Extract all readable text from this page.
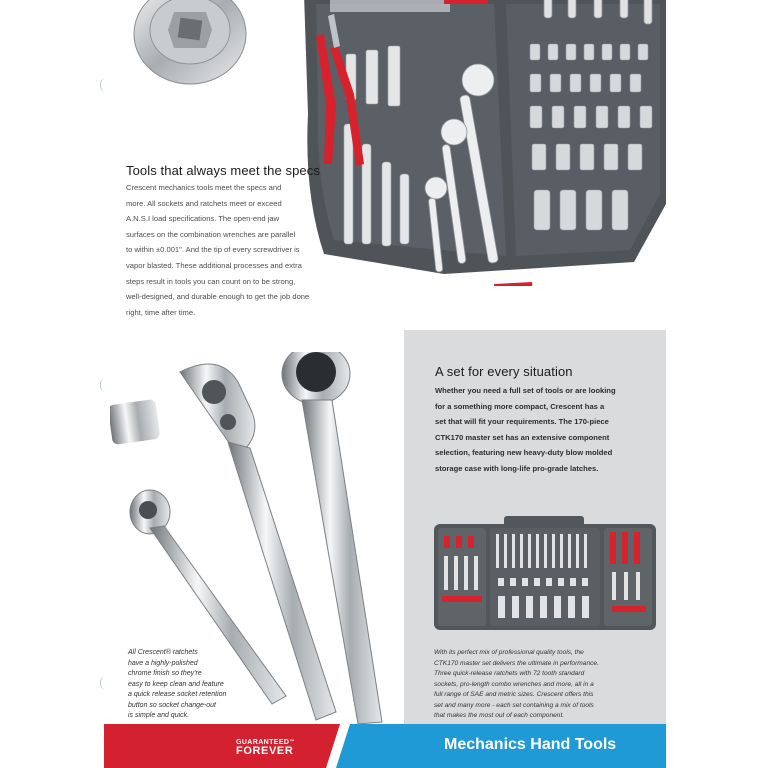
Tools that always meet the specs
Crescent mechanics tools meet the specs and
more. All sockets and ratchets meet or exceed
A.N.S.I load specifications. The open-end jaw
surfaces on the combination wrenches are parallel
to within ±0.001". And the tip of every screwdriver is
vapor blasted. These additional processes and extra
steps result in tools you can count on to be strong,
well-designed, and durable enough to get the job done
right, time after time.
A set for every situation
Whether you need a full set of tools or are looking
for a something more compact, Crescent has a
set that will fit your requirements. The 170-piece
CTK170 master set has an extensive component
selection, featuring new heavy-duty blow molded
storage case with long-life pro-grade latches.
All Crescent® ratchets
have a highly-polished
chrome finish so they're
easy to keep clean and feature
a quick release socket retention
button so socket change-out
is simple and quick.
With its perfect mix of professional quality tools, the
CTK170 master set delivers the ultimate in performance.
Three quick-release ratchets with 72 tooth standard
sockets, pro-length combo wrenches and more, all in a
full range of SAE and metric sizes. Crescent offers this
set and many more - each set containing a mix of tools
that makes the most out of each component.
GUARANTEED™
FOREVER	Mechanics Hand Tools
